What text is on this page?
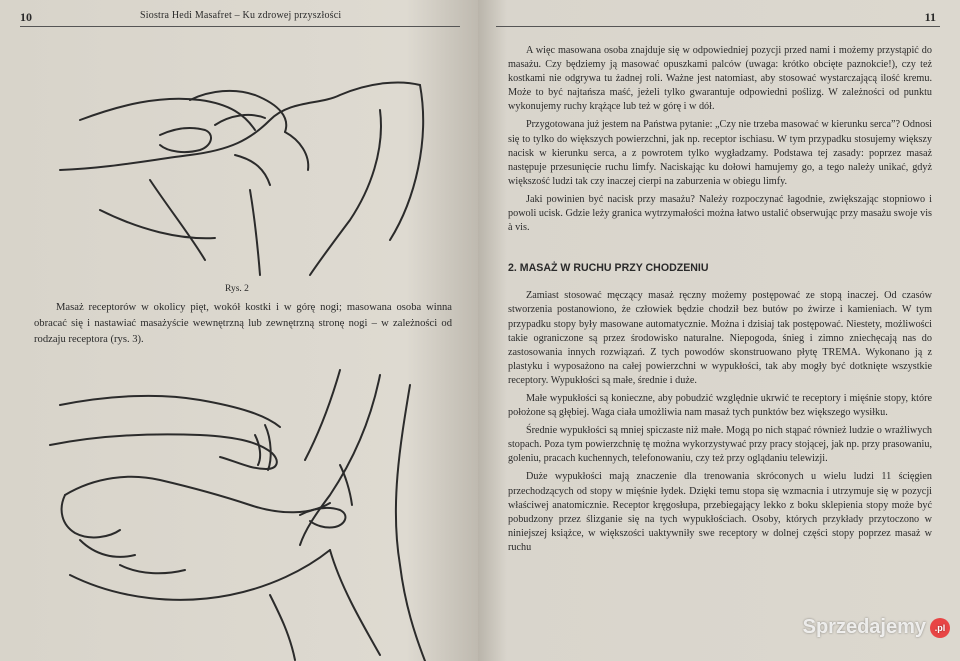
10	Siostra Hedi Masafret – Ku zdrowej przyszłości
Rys. 2

Masaż receptorów w okolicy pięt, wokół kostki i w górę nogi; masowana osoba winna obracać się i nastawiać masażyście wewnętrzną lub zewnętrzną stronę nogi – w zależności od rodzaju receptora (rys. 3).

11

A więc masowana osoba znajduje się w odpowiedniej pozycji przed nami i możemy przystąpić do masażu. Czy będziemy ją masować opuszkami palców (uwaga: krótko obcięte paznokcie!), czy też kostkami nie odgrywa tu żadnej roli. Ważne jest natomiast, aby stosować wystarczającą ilość kremu. Może to być najtańsza maść, jeżeli tylko gwarantuje odpowiedni poślizg. W zależności od punktu wykonujemy ruchy krążące lub też w górę i w dół.

Przygotowana już jestem na Państwa pytanie: „Czy nie trzeba masować w kierunku serca”? Odnosi się to tylko do większych powierzchni, jak np. receptor ischiasu. W tym przypadku stosujemy większy nacisk w kierunku serca, a z powrotem tylko wygładzamy. Podstawa tej zasady: poprzez masaż następuje przesunięcie ruchu limfy. Naciskając ku dołowi hamujemy go, a tego należy unikać, gdyż większość ludzi tak czy inaczej cierpi na zaburzenia w obiegu limfy.

Jaki powinien być nacisk przy masażu? Należy rozpoczynać łagodnie, zwiększając stopniowo i powoli ucisk. Gdzie leży granica wytrzymałości można łatwo ustalić obserwując przy masażu swoje vis à vis.

2. MASAŻ W RUCHU PRZY CHODZENIU

Zamiast stosować męczący masaż ręczny możemy postępować ze stopą inaczej. Od czasów stworzenia postanowiono, że człowiek będzie chodził bez butów po żwirze i kamieniach. W tym przypadku stopy były masowane automatycznie. Można i dzisiaj tak postępować. Niestety, możliwości takie ograniczone są przez środowisko naturalne. Niepogoda, śnieg i zimno zniechęcają nas do zastosowania innych rozwiązań. Z tych powodów skonstruowano płytę TREMA. Wykonano ją z plastyku i wyposażono na całej powierzchni w wypukłości, tak aby mogły być dotknięte wszystkie receptory. Wypukłości są małe, średnie i duże.

Małe wypukłości są konieczne, aby pobudzić względnie ukrwić te receptory i mięśnie stopy, które położone są głębiej. Waga ciała umożliwia nam masaż tych punktów bez większego wysiłku.

Średnie wypukłości są mniej spiczaste niż małe. Mogą po nich stąpać również ludzie o wrażliwych stopach. Poza tym powierzchnię tę można wykorzystywać przy pracy stojącej, jak np. przy prasowaniu, goleniu, pracach kuchennych, telefonowaniu, czy też przy oglądaniu telewizji.

Duże wypukłości mają znaczenie dla trenowania skróconych u wielu ludzi 11 ścięgien przechodzących od stopy w mięśnie łydek. Dzięki temu stopa się wzmacnia i utrzymuje się w pozycji właściwej anatomicznie. Receptor kręgosłupa, przebiegający lekko z boku sklepienia stopy może być pobudzony przez ślizganie się na tych wypukłościach. Osoby, których przykłady przytoczono w niniejszej książce, w większości uaktywniły swe receptory w dolnej części stopy poprzez masaż w ruchu

Sprzedajemy .pl
